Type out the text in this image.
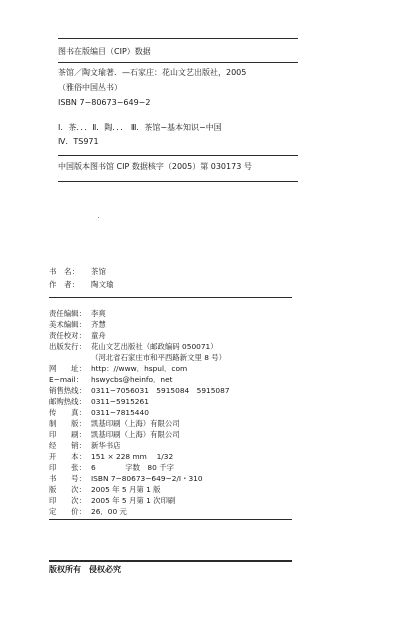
图书在版编目（CIP）数据
茶馆／陶文瑜著．—石家庄：花山文艺出版社，2005
（雅俗中国丛书）
ISBN 7−80673−649−2
Ⅰ．茶．．．Ⅱ．陶．．． Ⅲ．茶馆−基本知识−中国
Ⅳ．TS971
中国版本图书馆 CIP 数据核字（2005）第 030173 号
书　名： 茶馆
作　者： 陶文瑜
责任编辑： 李爽
美术编辑： 齐慧
责任校对： 童舟
出版发行： 花山文艺出版社（邮政编码 050071）
（河北省石家庄市和平西路新文里 8 号）
网　　址： http：//www．hspul．com
E−mail： hswycbs@heinfo．net
销售热线： 0311−7056031　5915084　5915087
邮购热线： 0311−5915261
传　　真： 0311−7815440
制　　版： 凯基印刷（上海）有限公司
印　　刷： 凯基印刷（上海）有限公司
经　　销： 新华书店
开　　本： 151 × 228 mm　 1/32
印　　张： 6　　　　字数　80 千字
书　　号： ISBN 7−80673−649−2/I・310
版　　次： 2005 年 5 月第 1 版
印　　次： 2005 年 5 月第 1 次印刷
定　　价： 26．00 元
版权所有　侵权必究
